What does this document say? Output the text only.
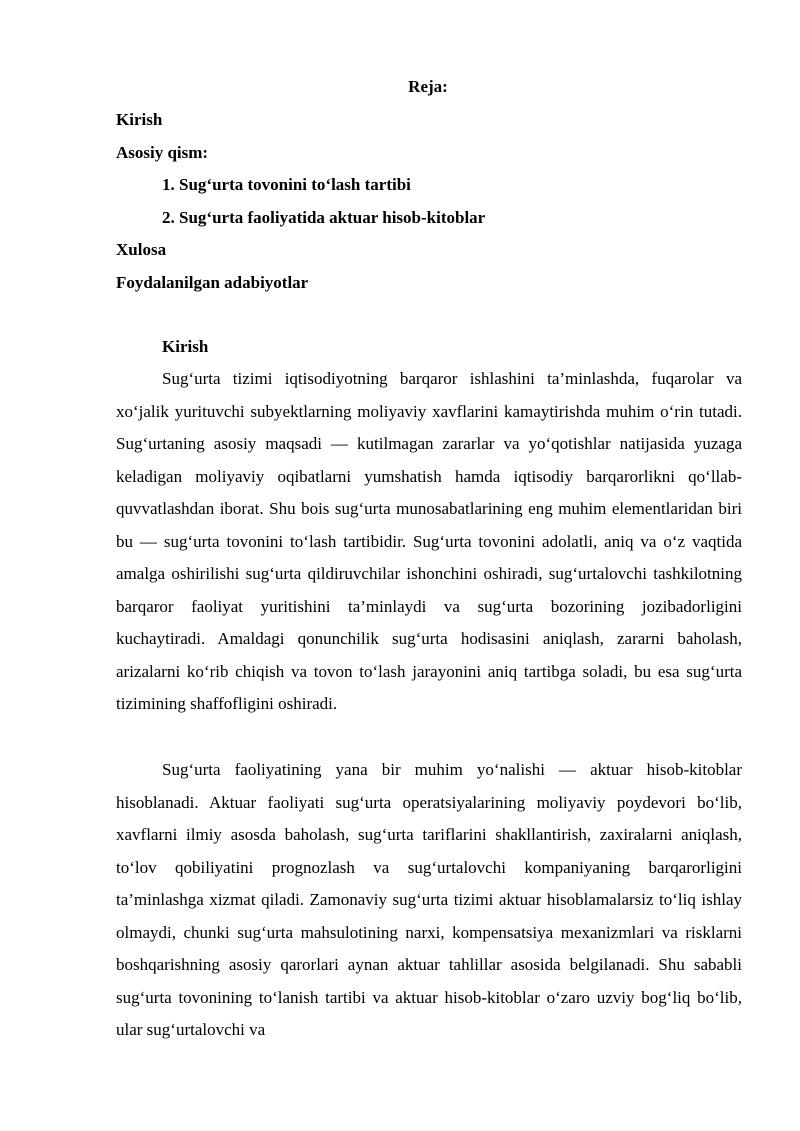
Reja:
Kirish
Asosiy qism:
1. Sug‘urta tovonini to‘lash tartibi
2. Sug‘urta faoliyatida aktuar hisob-kitoblar
Xulosa
Foydalanilgan adabiyotlar
Kirish

Sug‘urta tizimi iqtisodiyotning barqaror ishlashini ta’minlashda, fuqarolar va xo‘jalik yurituvchi subyektlarning moliyaviy xavflarini kamaytirishda muhim o‘rin tutadi. Sug‘urtaning asosiy maqsadi — kutilmagan zararlar va yo‘qotishlar natijasida yuzaga keladigan moliyaviy oqibatlarni yumshatish hamda iqtisodiy barqarorlikni qo‘llab-quvvatlashdan iborat. Shu bois sug‘urta munosabatlarining eng muhim elementlaridan biri bu — sug‘urta tovonini to‘lash tartibidir. Sug‘urta tovonini adolatli, aniq va o‘z vaqtida amalga oshirilishi sug‘urta qildiruvchilar ishonchini oshiradi, sug‘urtalovchi tashkilotning barqaror faoliyat yuritishini ta’minlaydi va sug‘urta bozorining jozibadorligini kuchaytiradi. Amaldagi qonunchilik sug‘urta hodisasini aniqlash, zararni baholash, arizalarni ko‘rib chiqish va tovon to‘lash jarayonini aniq tartibga soladi, bu esa sug‘urta tizimining shaffofligini oshiradi.

Sug‘urta faoliyatining yana bir muhim yo‘nalishi — aktuar hisob-kitoblar hisoblanadi. Aktuar faoliyati sug‘urta operatsiyalarining moliyaviy poydevori bo‘lib, xavflarni ilmiy asosda baholash, sug‘urta tariflarini shakllantirish, zaxiralarni aniqlash, to‘lov qobiliyatini prognozlash va sug‘urtalovchi kompaniyaning barqarorligini ta’minlashga xizmat qiladi. Zamonaviy sug‘urta tizimi aktuar hisoblamalarsiz to‘liq ishlay olmaydi, chunki sug‘urta mahsulotining narxi, kompensatsiya mexanizmlari va risklarni boshqarishning asosiy qarorlari aynan aktuar tahlillar asosida belgilanadi. Shu sababli sug‘urta tovonining to‘lanish tartibi va aktuar hisob-kitoblar o‘zaro uzviy bog‘liq bo‘lib, ular sug‘urtalovchi va
